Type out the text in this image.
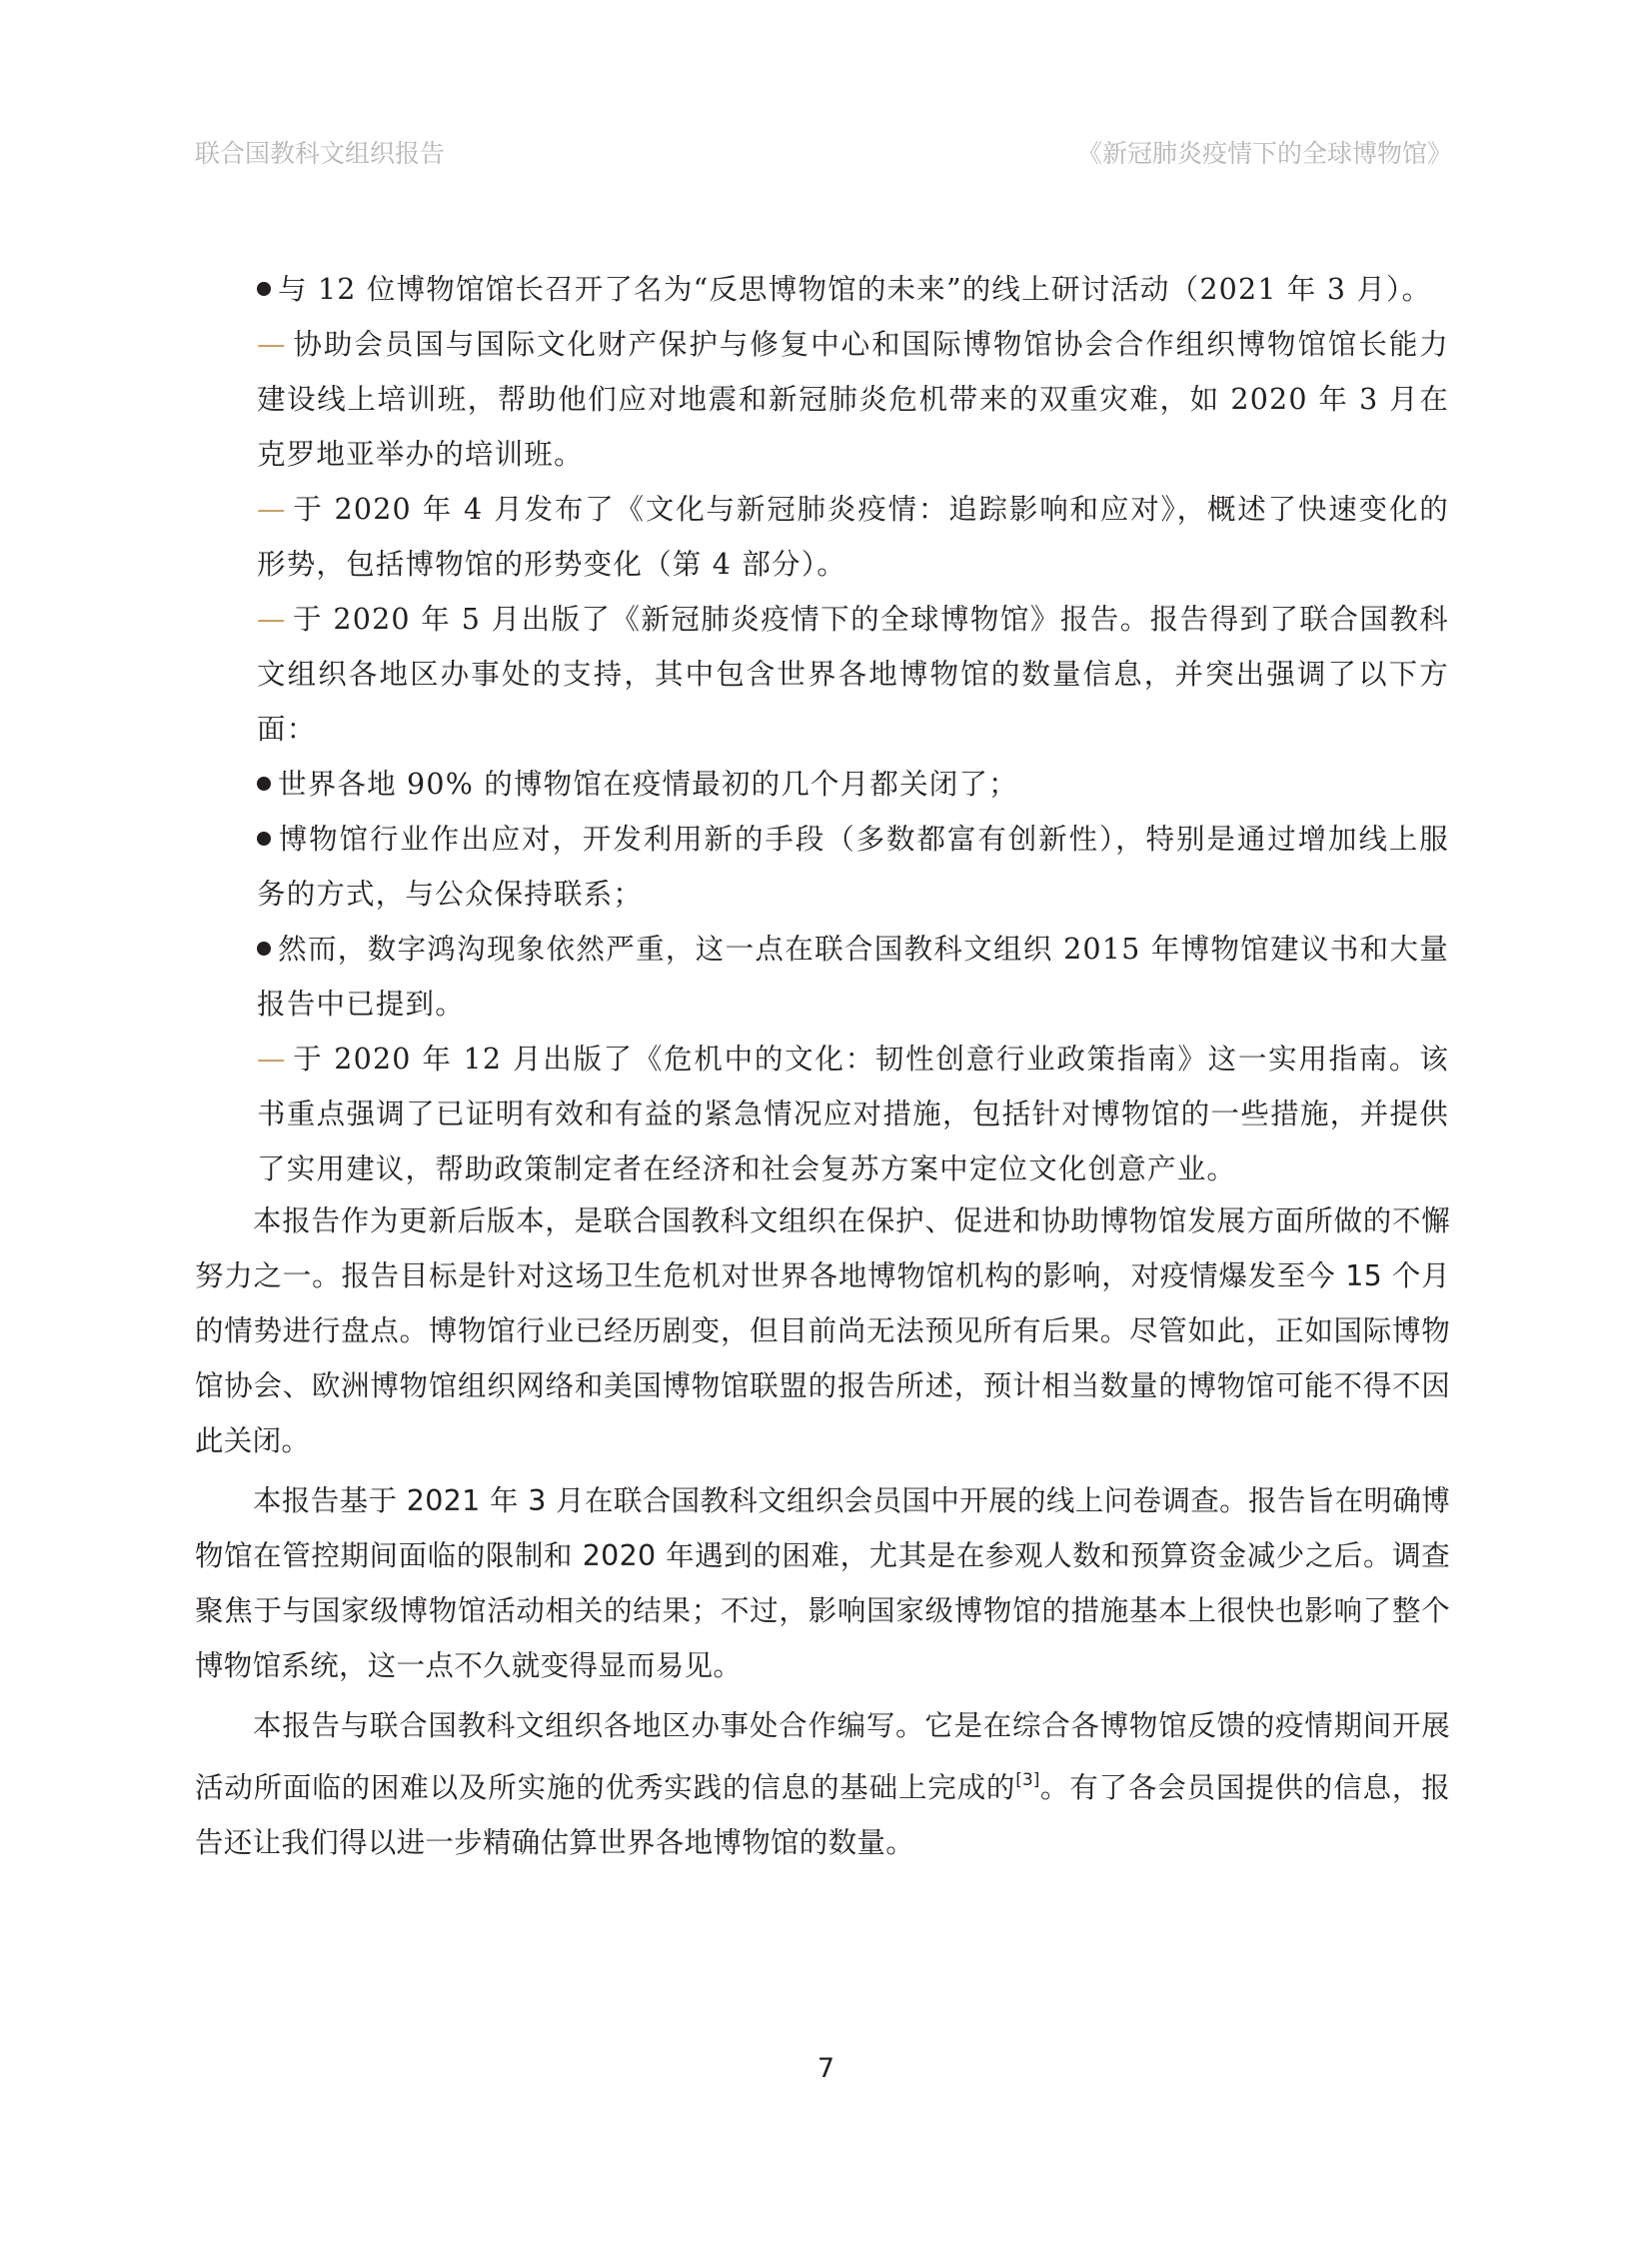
联合国教科文组织报告	《新冠肺炎疫情下的全球博物馆》

与 12 位博物馆馆长召开了名为“反思博物馆的未来”的线上研讨活动（2021 年 3 月）。

— 协助会员国与国际文化财产保护与修复中心和国际博物馆协会合作组织博物馆馆长能力建设线上培训班，帮助他们应对地震和新冠肺炎危机带来的双重灾难，如 2020 年 3 月在克罗地亚举办的培训班。

— 于 2020 年 4 月发布了《文化与新冠肺炎疫情：追踪影响和应对》，概述了快速变化的形势，包括博物馆的形势变化（第 4 部分）。

— 于 2020 年 5 月出版了《新冠肺炎疫情下的全球博物馆》报告。报告得到了联合国教科文组织各地区办事处的支持，其中包含世界各地博物馆的数量信息，并突出强调了以下方面：

世界各地 90% 的博物馆在疫情最初的几个月都关闭了；

博物馆行业作出应对，开发利用新的手段（多数都富有创新性），特别是通过增加线上服务的方式，与公众保持联系；

然而，数字鸿沟现象依然严重，这一点在联合国教科文组织 2015 年博物馆建议书和大量报告中已提到。

— 于 2020 年 12 月出版了《危机中的文化：韧性创意行业政策指南》这一实用指南。该书重点强调了已证明有效和有益的紧急情况应对措施，包括针对博物馆的一些措施，并提供了实用建议，帮助政策制定者在经济和社会复苏方案中定位文化创意产业。

本报告作为更新后版本，是联合国教科文组织在保护、促进和协助博物馆发展方面所做的不懈努力之一。报告目标是针对这场卫生危机对世界各地博物馆机构的影响，对疫情爆发至今 15 个月的情势进行盘点。博物馆行业已经历剧变，但目前尚无法预见所有后果。尽管如此，正如国际博物馆协会、欧洲博物馆组织网络和美国博物馆联盟的报告所述，预计相当数量的博物馆可能不得不因此关闭。

本报告基于 2021 年 3 月在联合国教科文组织会员国中开展的线上问卷调查。报告旨在明确博物馆在管控期间面临的限制和 2020 年遇到的困难，尤其是在参观人数和预算资金减少之后。调查聚焦于与国家级博物馆活动相关的结果；不过，影响国家级博物馆的措施基本上很快也影响了整个博物馆系统，这一点不久就变得显而易见。

本报告与联合国教科文组织各地区办事处合作编写。它是在综合各博物馆反馈的疫情期间开展活动所面临的困难以及所实施的优秀实践的信息的基础上完成的[3]。有了各会员国提供的信息，报告还让我们得以进一步精确估算世界各地博物馆的数量。

7
